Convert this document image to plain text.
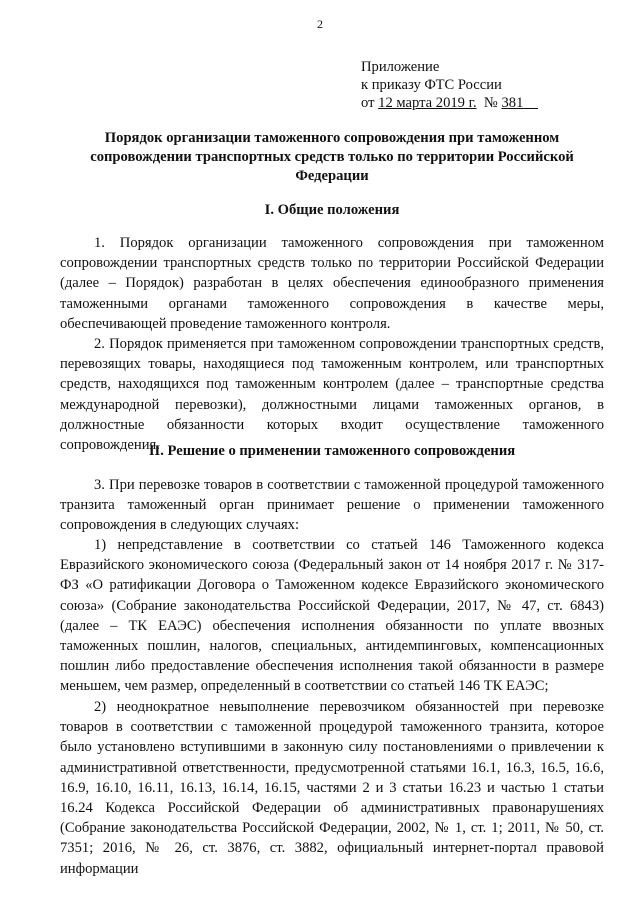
2
Приложение
к приказу ФТС России
от 12 марта 2019 г.  № 381
Порядок организации таможенного сопровождения при таможенном сопровождении транспортных средств только по территории Российской Федерации
I. Общие положения
1. Порядок организации таможенного сопровождения при таможенном сопровождении транспортных средств только по территории Российской Федерации (далее – Порядок) разработан в целях обеспечения единообразного применения таможенными органами таможенного сопровождения в качестве меры, обеспечивающей проведение таможенного контроля.
2. Порядок применяется при таможенном сопровождении транспортных средств, перевозящих товары, находящиеся под таможенным контролем, или транспортных средств, находящихся под таможенным контролем (далее – транспортные средства международной перевозки), должностными лицами таможенных органов, в должностные обязанности которых входит осуществление таможенного сопровождения.
II. Решение о применении таможенного сопровождения
3. При перевозке товаров в соответствии с таможенной процедурой таможенного транзита таможенный орган принимает решение о применении таможенного сопровождения в следующих случаях:
1) непредставление в соответствии со статьей 146 Таможенного кодекса Евразийского экономического союза (Федеральный закон от 14 ноября 2017 г. № 317-ФЗ «О ратификации Договора о Таможенном кодексе Евразийского экономического союза» (Собрание законодательства Российской Федерации, 2017, № 47, ст. 6843) (далее – ТК ЕАЭС) обеспечения исполнения обязанности по уплате ввозных таможенных пошлин, налогов, специальных, антидемпинговых, компенсационных пошлин либо предоставление обеспечения исполнения такой обязанности в размере меньшем, чем размер, определенный в соответствии со статьей 146 ТК ЕАЭС;
2) неоднократное невыполнение перевозчиком обязанностей при перевозке товаров в соответствии с таможенной процедурой таможенного транзита, которое было установлено вступившими в законную силу постановлениями о привлечении к административной ответственности, предусмотренной статьями 16.1, 16.3, 16.5, 16.6, 16.9, 16.10, 16.11, 16.13, 16.14, 16.15, частями 2 и 3 статьи 16.23 и частью 1 статьи 16.24 Кодекса Российской Федерации об административных правонарушениях (Собрание законодательства Российской Федерации, 2002, № 1, ст. 1; 2011, № 50, ст. 7351; 2016, № 26, ст. 3876, ст. 3882, официальный интернет-портал правовой информации
